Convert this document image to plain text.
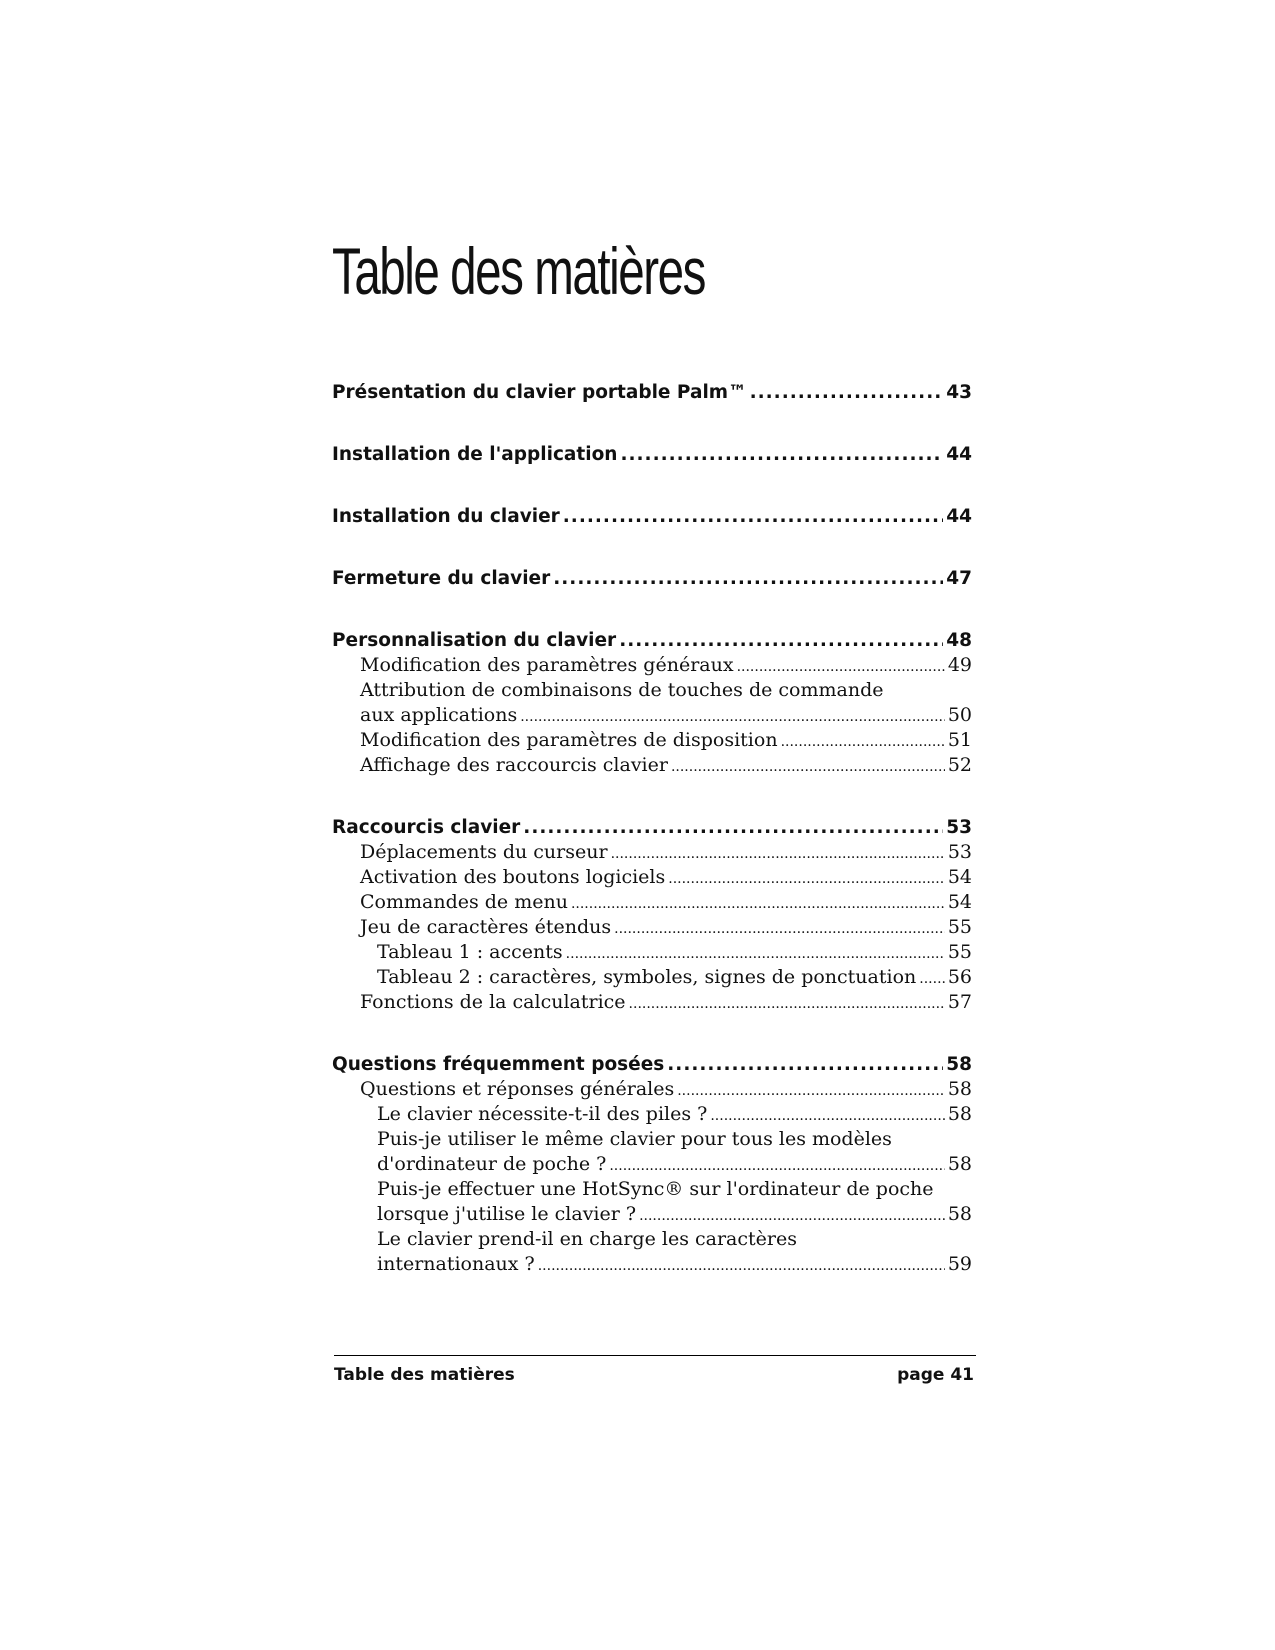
Table des matières
Présentation du clavier portable Palm™ .....	43
Installation de l'application .....	44
Installation du clavier .....	44
Fermeture du clavier .....	47
Personnalisation du clavier .....	48
Modification des paramètres généraux .....	49
Attribution de combinaisons de touches de commande
aux applications .....	50
Modification des paramètres de disposition .....	51
Affichage des raccourcis clavier .....	52
Raccourcis clavier .....	53
Déplacements du curseur .....	53
Activation des boutons logiciels .....	54
Commandes de menu .....	54
Jeu de caractères étendus .....	55
Tableau 1 : accents .....	55
Tableau 2 : caractères, symboles, signes de ponctuation ..... 56
Fonctions de la calculatrice .....	57
Questions fréquemment posées .....	58
Questions et réponses générales .....	58
Le clavier nécessite-t-il des piles ? .....	58
Puis-je utiliser le même clavier pour tous les modèles
d'ordinateur de poche ? .....	58
Puis-je effectuer une HotSync® sur l'ordinateur de poche
lorsque j'utilise le clavier ? .....	58
Le clavier prend-il en charge les caractères
internationaux ? .....	59
Table des matières	page 41
